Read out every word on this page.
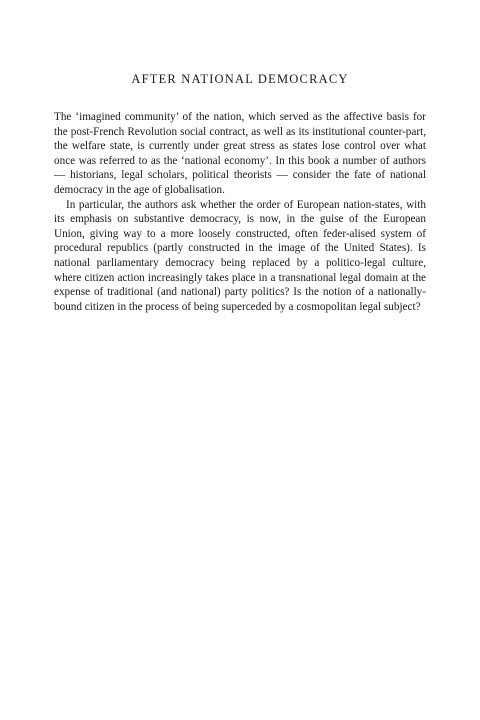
AFTER NATIONAL DEMOCRACY

The ‘imagined community’ of the nation, which served as the affective basis for the post-French Revolution social contract, as well as its institutional counter-part, the welfare state, is currently under great stress as states lose control over what once was referred to as the ‘national economy’. In this book a number of authors — historians, legal scholars, political theorists — consider the fate of national democracy in the age of globalisation.

In particular, the authors ask whether the order of European nation-states, with its emphasis on substantive democracy, is now, in the guise of the European Union, giving way to a more loosely constructed, often feder-alised system of procedural republics (partly constructed in the image of the United States). Is national parliamentary democracy being replaced by a politico-legal culture, where citizen action increasingly takes place in a transnational legal domain at the expense of traditional (and national) party politics? Is the notion of a nationally-bound citizen in the process of being superceded by a cosmopolitan legal subject?
